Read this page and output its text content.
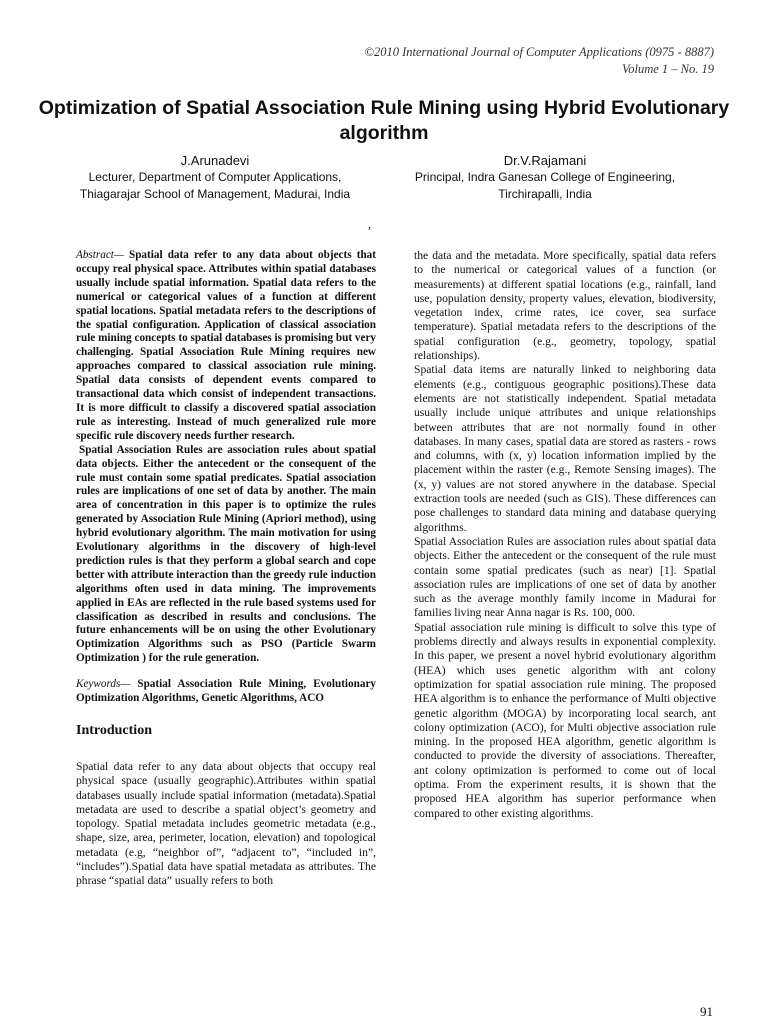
©2010 International Journal of Computer Applications (0975 - 8887)
Volume 1 – No. 19
Optimization of Spatial Association Rule Mining using Hybrid Evolutionary algorithm
J.Arunadevi
Lecturer, Department of Computer Applications,
Thiagarajar School of Management, Madurai, India
Dr.V.Rajamani
Principal, Indra Ganesan College of Engineering,
Tirchirapalli, India
,

Abstract— Spatial data refer to any data about objects that occupy real physical space. Attributes within spatial databases usually include spatial information. Spatial data refers to the numerical or categorical values of a function at different spatial locations. Spatial metadata refers to the descriptions of the spatial configuration. Application of classical association rule mining concepts to spatial databases is promising but very challenging. Spatial Association Rule Mining requires new approaches compared to classical association rule mining. Spatial data consists of dependent events compared to transactional data which consist of independent transactions. It is more difficult to classify a discovered spatial association rule as interesting. Instead of much generalized rule more specific rule discovery needs further research.

Spatial Association Rules are association rules about spatial data objects. Either the antecedent or the consequent of the rule must contain some spatial predicates. Spatial association rules are implications of one set of data by another. The main area of concentration in this paper is to optimize the rules generated by Association Rule Mining (Apriori method), using hybrid evolutionary algorithm. The main motivation for using Evolutionary algorithms in the discovery of high-level prediction rules is that they perform a global search and cope better with attribute interaction than the greedy rule induction algorithms often used in data mining. The improvements applied in EAs are reflected in the rule based systems used for classification as described in results and conclusions. The future enhancements will be on using the other Evolutionary Optimization Algorithms such as PSO (Particle Swarm Optimization ) for the rule generation.

Keywords— Spatial Association Rule Mining, Evolutionary Optimization Algorithms, Genetic Algorithms, ACO
Introduction

Spatial data refer to any data about objects that occupy real physical space (usually geographic).Attributes within spatial databases usually include spatial information (metadata).Spatial metadata are used to describe a spatial object’s geometry and topology. Spatial metadata includes geometric metadata (e.g., shape, size, area, perimeter, location, elevation) and topological metadata (e.g, “neighbor of”, “adjacent to”, “included in”, “includes”).Spatial data have spatial metadata as attributes. The phrase “spatial data” usually refers to both

the data and the metadata. More specifically, spatial data refers to the numerical or categorical values of a function (or measurements) at different spatial locations (e.g., rainfall, land use, population density, property values, elevation, biodiversity, vegetation index, crime rates, ice cover, sea surface temperature). Spatial metadata refers to the descriptions of the spatial configuration (e.g., geometry, topology, spatial relationships).

Spatial data items are naturally linked to neighboring data elements (e.g., contiguous geographic positions).These data elements are not statistically independent. Spatial metadata usually include unique attributes and unique relationships between attributes that are not normally found in other databases. In many cases, spatial data are stored as rasters - rows and columns, with (x, y) location information implied by the placement within the raster (e.g., Remote Sensing images). The (x, y) values are not stored anywhere in the database. Special extraction tools are needed (such as GIS). These differences can pose challenges to standard data mining and database querying algorithms.

Spatial Association Rules are association rules about spatial data objects. Either the antecedent or the consequent of the rule must contain some spatial predicates (such as near) [1]. Spatial association rules are implications of one set of data by another such as the average monthly family income in Madurai for families living near Anna nagar is Rs. 100, 000.

Spatial association rule mining is difficult to solve this type of problems directly and always results in exponential complexity. In this paper, we present a novel hybrid evolutionary algorithm (HEA) which uses genetic algorithm with ant colony optimization for spatial association rule mining. The proposed HEA algorithm is to enhance the performance of Multi objective genetic algorithm (MOGA) by incorporating local search, ant colony optimization (ACO), for Multi objective association rule mining. In the proposed HEA algorithm, genetic algorithm is conducted to provide the diversity of associations. Thereafter, ant colony optimization is performed to come out of local optima. From the experiment results, it is shown that the proposed HEA algorithm has superior performance when compared to other existing algorithms.

91
